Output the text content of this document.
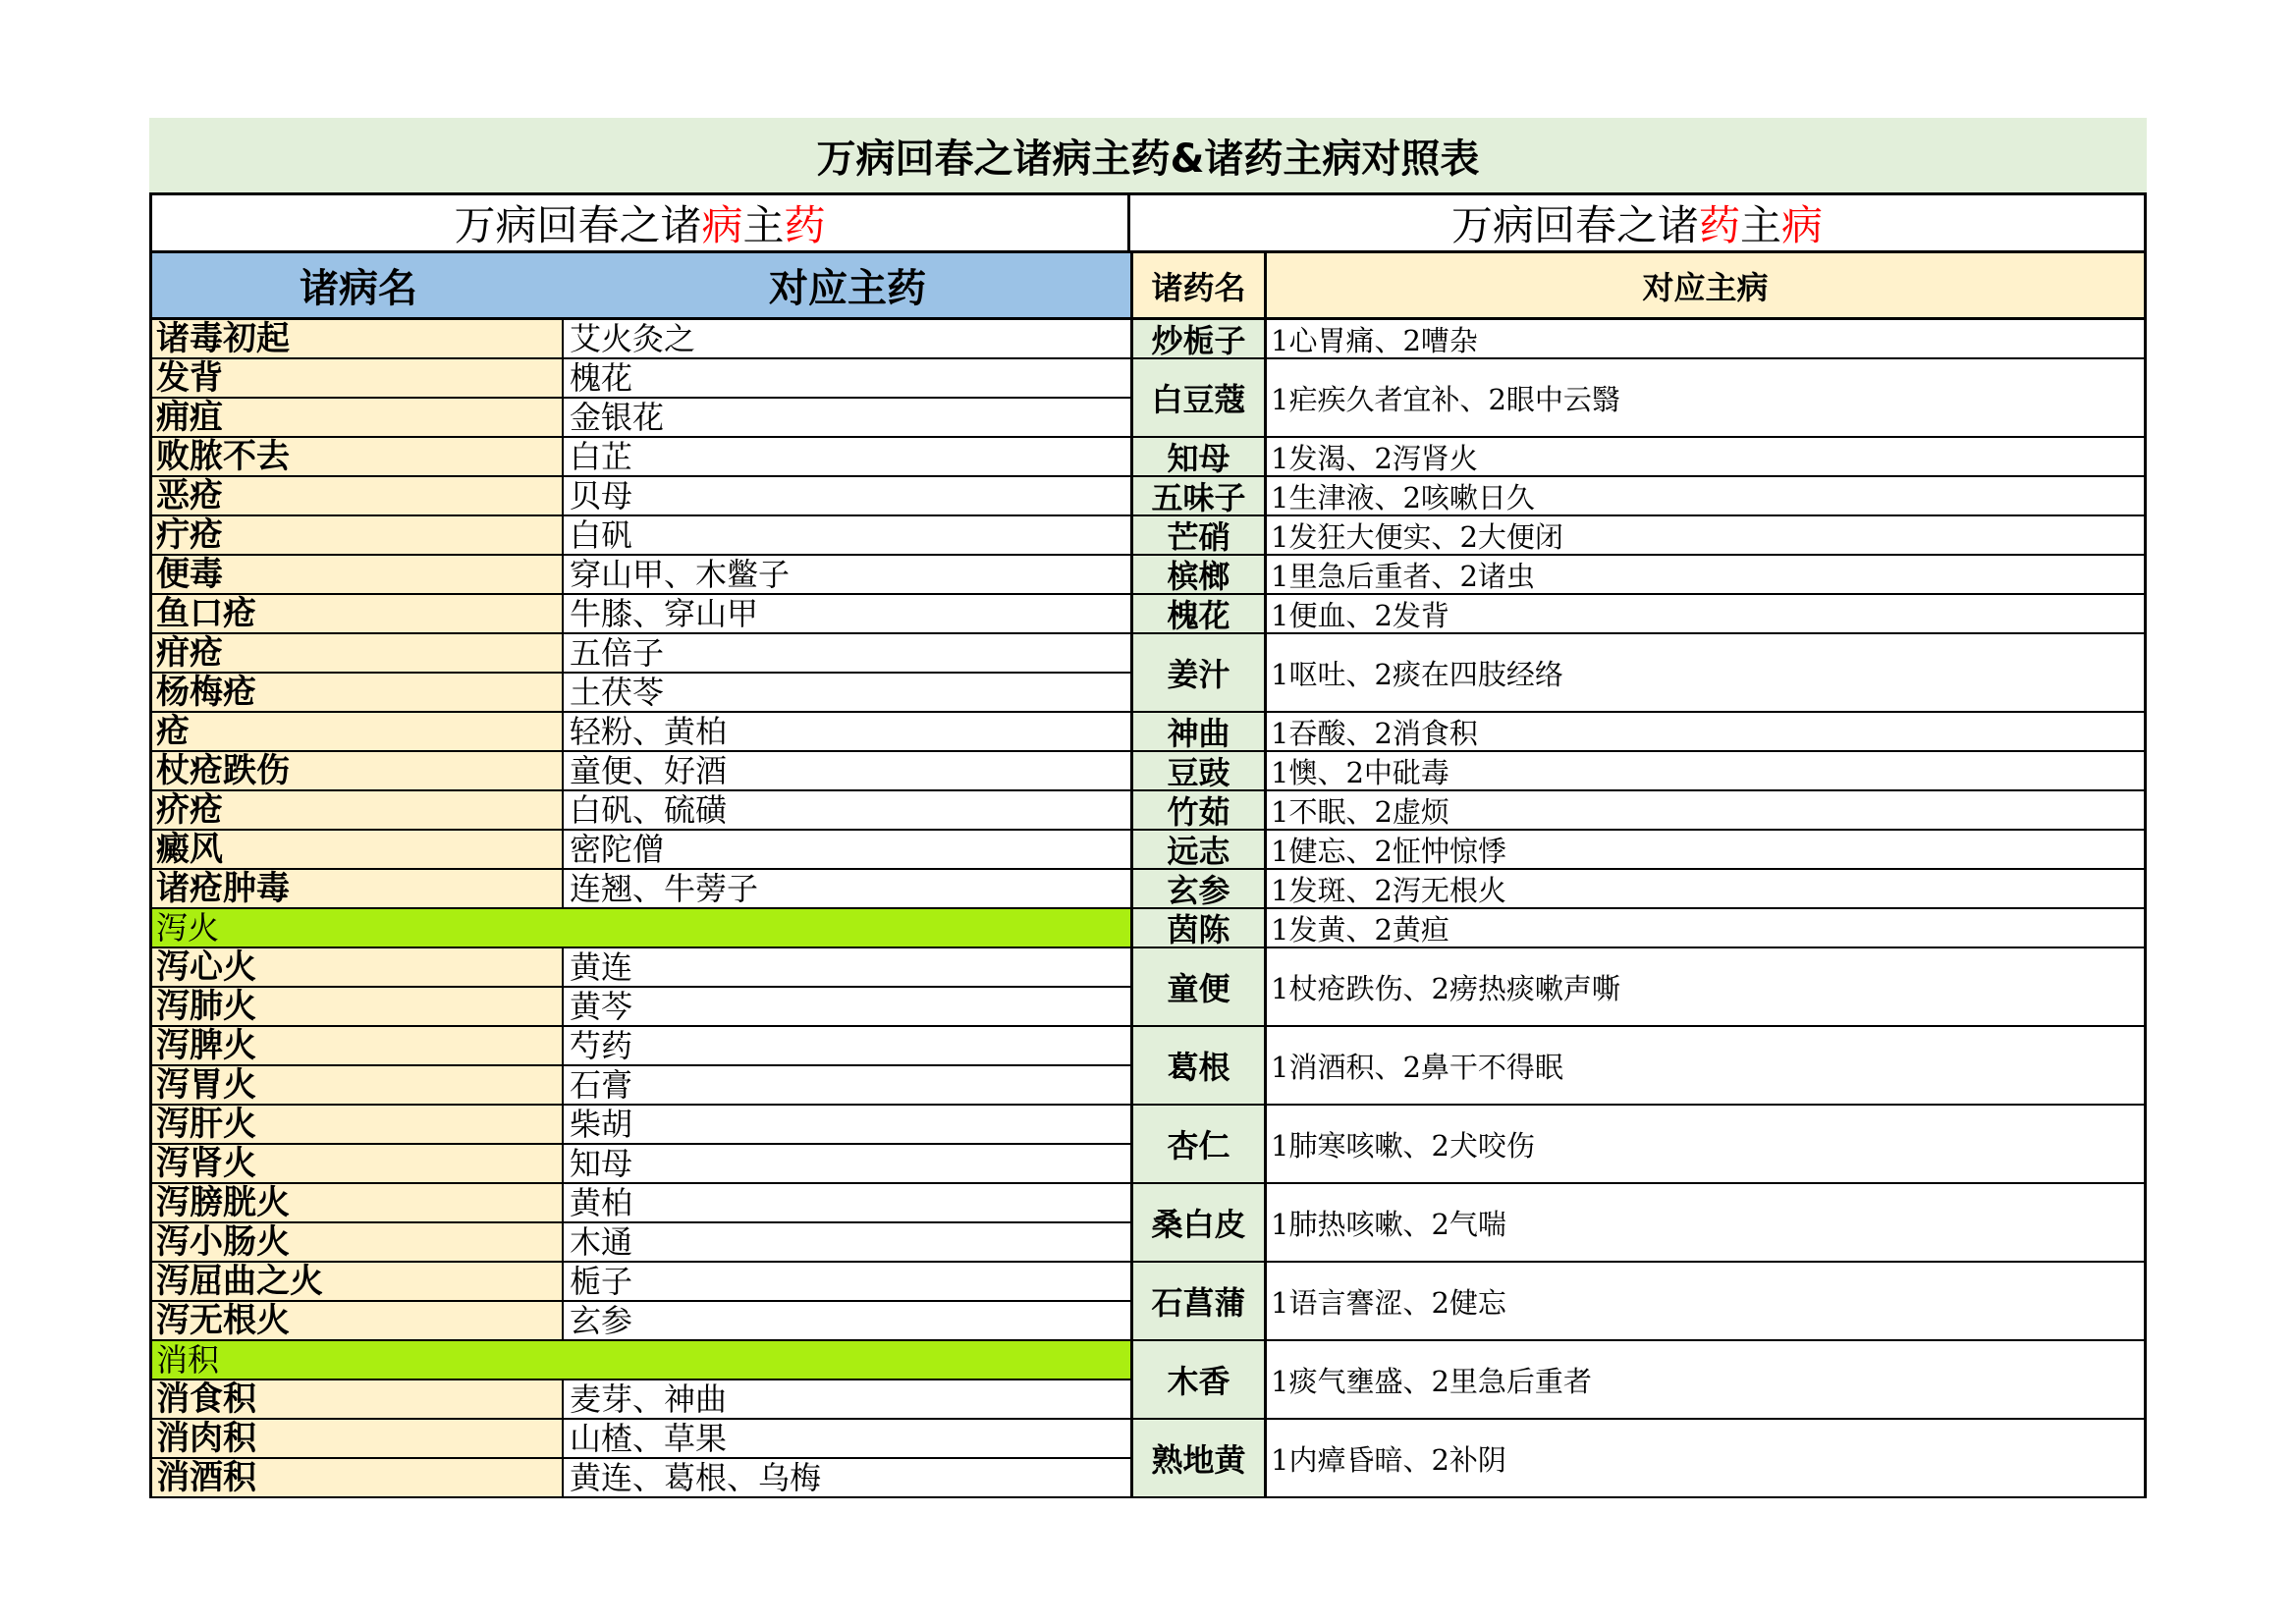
万病回春之诸病主药&诸药主病对照表
万病回春之诸 病 主 药
诸病名	对应主药
诸毒初起	艾火灸之
发背	槐花
痈疽	金银花
败脓不去	白芷
恶疮	贝母
疔疮	白矾
便毒	穿山甲、木鳖子
鱼口疮	牛膝、穿山甲
疳疮	五倍子
杨梅疮	土茯苓
疮	轻粉、黄柏
杖疮跌伤	童便、好酒
疥疮	白矾、硫磺
癜风	密陀僧
诸疮肿毒	连翘、牛蒡子
泻火
泻心火	黄连
泻肺火	黄芩
泻脾火	芍药
泻胃火	石膏
泻肝火	柴胡
泻肾火	知母
泻膀胱火	黄柏
泻小肠火	木通
泻屈曲之火	栀子
泻无根火	玄参
消积
消食积	麦芽、神曲
消肉积	山楂、草果
消酒积	黄连、葛根、乌梅
万病回春之诸 药 主 病
诸药名	对应主病
炒栀子 1心胃痛、2嘈杂
白豆蔻 1疟疾久者宜补、2眼中云翳
知母	1发渴、2泻肾火
五味子 1生津液、2咳嗽日久
芒硝	1发狂大便实、2大便闭
槟榔	1里急后重者、2诸虫
槐花	1便血、2发背
姜汁	1呕吐、2痰在四肢经络
神曲	1吞酸、2消食积
豆豉	1懊、2中砒毒
竹茹	1不眠、2虚烦
远志	1健忘、2怔忡惊悸
玄参	1发斑、2泻无根火
茵陈	1发黄、2黄疸
童便	1杖疮跌伤、2痨热痰嗽声嘶
葛根	1消酒积、2鼻干不得眠
杏仁	1肺寒咳嗽、2犬咬伤
桑白皮 1肺热咳嗽、2气喘
石菖蒲 1语言謇涩、2健忘
木香	1痰气壅盛、2里急后重者
熟地黄 1内瘴昏暗、2补阴
